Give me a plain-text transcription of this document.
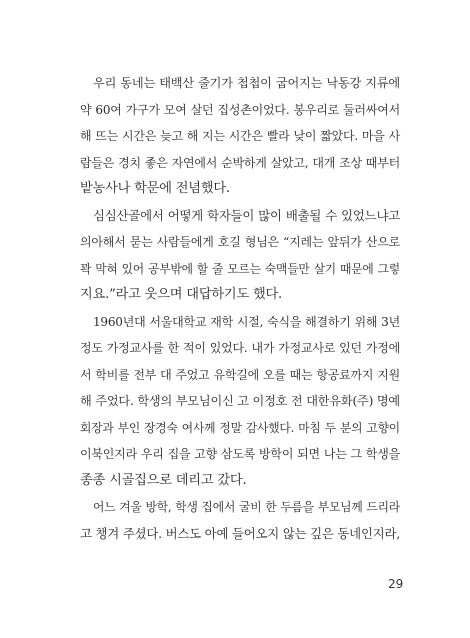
우리 동네는 태백산 줄기가 첩첩이 굽어지는 낙동강 지류에
약 60여 가구가 모여 살던 집성촌이었다. 봉우리로 둘러싸여서
해 뜨는 시간은 늦고 해 지는 시간은 빨라 낮이 짧았다. 마을 사
람들은 경치 좋은 자연에서 순박하게 살았고, 대개 조상 때부터
밭농사나 학문에 전념했다.
심심산골에서 어떻게 학자들이 많이 배출될 수 있었느냐고
의아해서 묻는 사람들에게 호길 형님은 “지레는 앞뒤가 산으로
꽉 막혀 있어 공부밖에 할 줄 모르는 숙맥들만 살기 때문에 그렇
지요.”라고 웃으며 대답하기도 했다.
1960년대 서울대학교 재학 시절, 숙식을 해결하기 위해 3년
정도 가정교사를 한 적이 있었다. 내가 가정교사로 있던 가정에
서 학비를 전부 대 주었고 유학길에 오를 때는 항공료까지 지원
해 주었다. 학생의 부모님이신 고 이정호 전 대한유화(주) 명예
회장과 부인 장경숙 여사께 정말 감사했다. 마침 두 분의 고향이
이북인지라 우리 집을 고향 삼도록 방학이 되면 나는 그 학생을
종종 시골집으로 데리고 갔다.
어느 겨울 방학, 학생 집에서 굴비 한 두름을 부모님께 드리라
고 챙겨 주셨다. 버스도 아예 들어오지 않는 깊은 동네인지라,
29
